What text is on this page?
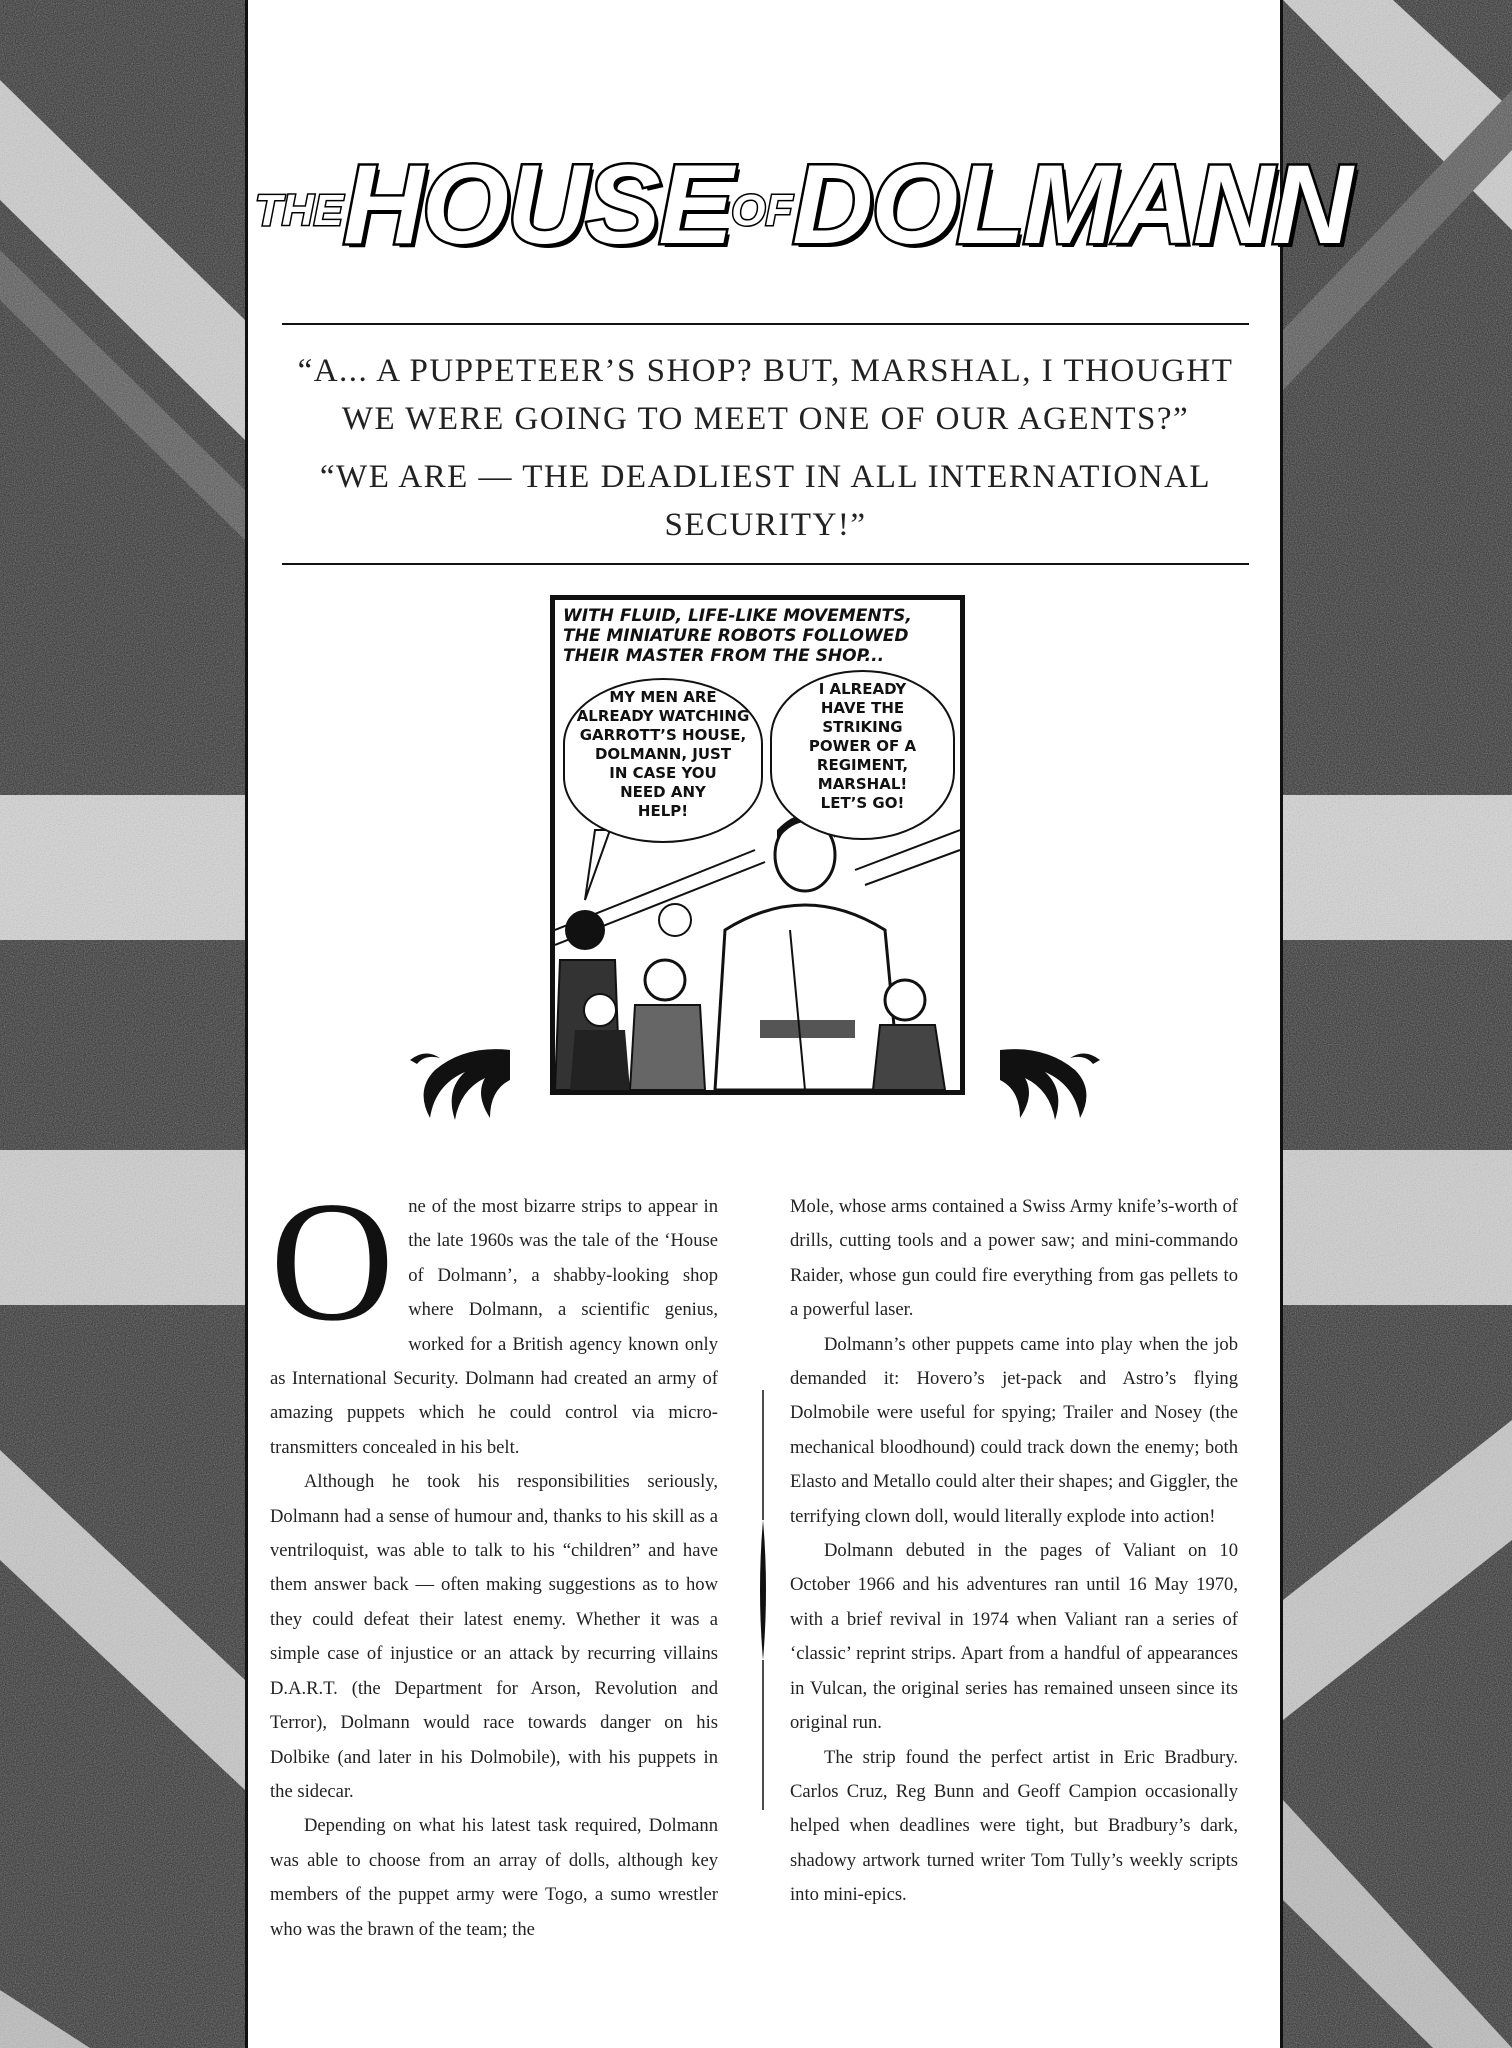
THEHOUSEOFDOLMANN
“A... A PUPPETEER’S SHOP? BUT, MARSHAL, I THOUGHT
WE WERE GOING TO MEET ONE OF OUR AGENTS?”
“WE ARE — THE DEADLIEST IN ALL INTERNATIONAL
SECURITY!”
WITH FLUID, LIFE-LIKE MOVEMENTS,
THE MINIATURE ROBOTS FOLLOWED
THEIR MASTER FROM THE SHOP...
MY MEN ARE
ALREADY WATCHING
GARROTT’S HOUSE,
DOLMANN, JUST
IN CASE YOU
NEED ANY
HELP!
I ALREADY
HAVE THE
STRIKING
POWER OF A
REGIMENT,
MARSHAL!
LET’S GO!

One of the most bizarre strips to appear in the late 1960s was the tale of the ‘House of Dolmann’, a shabby-looking shop where Dolmann, a scientific genius, worked for a British agency known only as International Security. Dolmann had created an army of amazing puppets which he could control via micro-transmitters concealed in his belt.

Although he took his responsibilities seriously, Dolmann had a sense of humour and, thanks to his skill as a ventriloquist, was able to talk to his “children” and have them answer back — often making suggestions as to how they could defeat their latest enemy. Whether it was a simple case of injustice or an attack by recurring villains D.A.R.T. (the Department for Arson, Revolution and Terror), Dolmann would race towards danger on his Dolbike (and later in his Dolmobile), with his puppets in the sidecar.

Depending on what his latest task required, Dolmann was able to choose from an array of dolls, although key members of the puppet army were Togo, a sumo wrestler who was the brawn of the team; the

Mole, whose arms contained a Swiss Army knife’s-worth of drills, cutting tools and a power saw; and mini-commando Raider, whose gun could fire everything from gas pellets to a powerful laser.

Dolmann’s other puppets came into play when the job demanded it: Hovero’s jet-pack and Astro’s flying Dolmobile were useful for spying; Trailer and Nosey (the mechanical bloodhound) could track down the enemy; both Elasto and Metallo could alter their shapes; and Giggler, the terrifying clown doll, would literally explode into action!

Dolmann debuted in the pages of Valiant on 10 October 1966 and his adventures ran until 16 May 1970, with a brief revival in 1974 when Valiant ran a series of ‘classic’ reprint strips. Apart from a handful of appearances in Vulcan, the original series has remained unseen since its original run.

The strip found the perfect artist in Eric Bradbury. Carlos Cruz, Reg Bunn and Geoff Campion occasionally helped when deadlines were tight, but Bradbury’s dark, shadowy artwork turned writer Tom Tully’s weekly scripts into mini-epics.
